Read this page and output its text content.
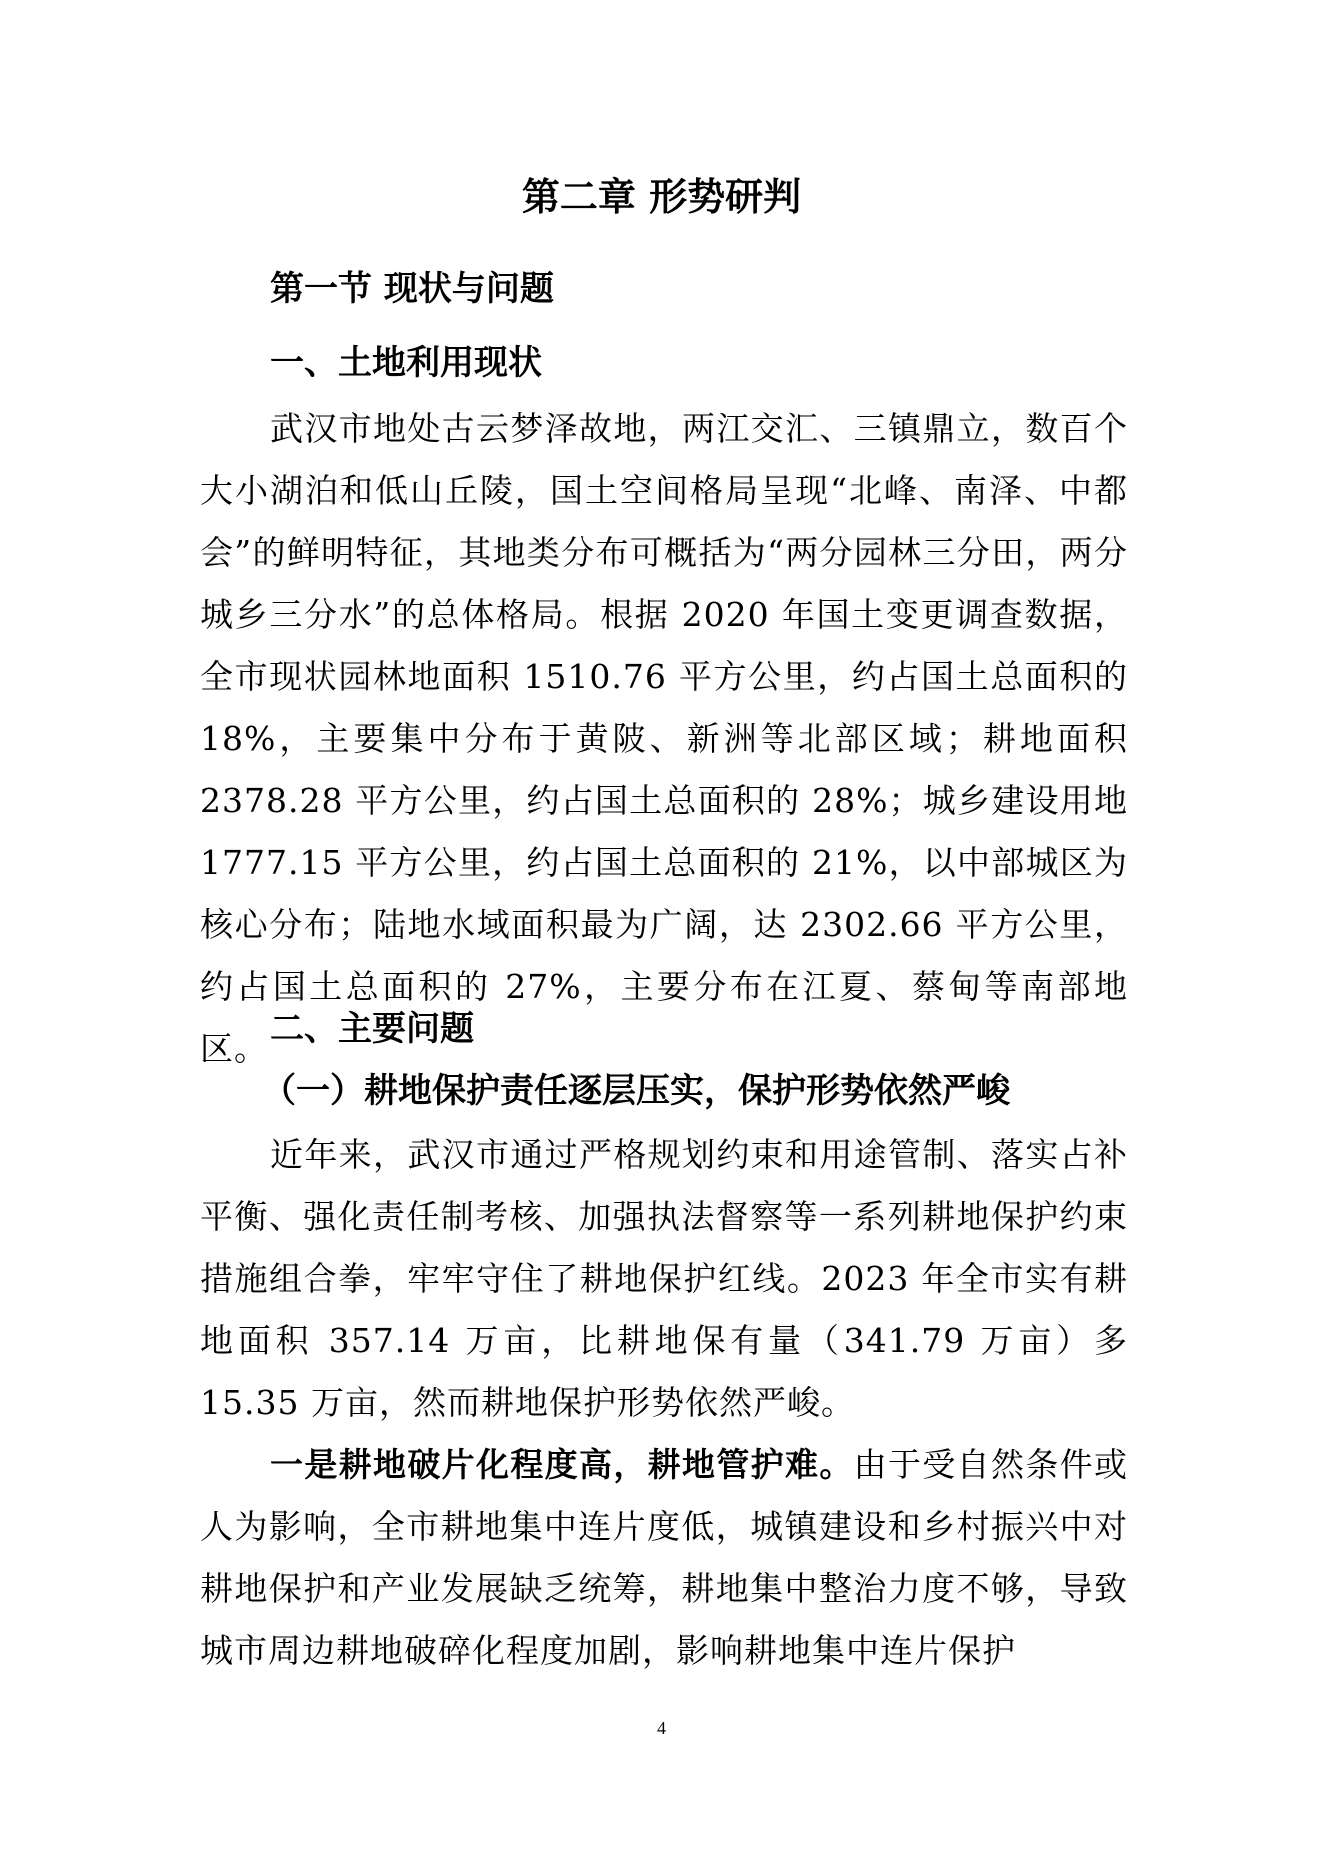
第二章 形势研判
第一节 现状与问题
一、土地利用现状

武汉市地处古云梦泽故地，两江交汇、三镇鼎立，数百个大小湖泊和低山丘陵，国土空间格局呈现“北峰、南泽、中都会”的鲜明特征，其地类分布可概括为“两分园林三分田，两分城乡三分水”的总体格局。根据 2020 年国土变更调查数据，全市现状园林地面积 1510.76 平方公里，约占国土总面积的 18%，主要集中分布于黄陂、新洲等北部区域；耕地面积 2378.28 平方公里，约占国土总面积的 28%；城乡建设用地 1777.15 平方公里，约占国土总面积的 21%，以中部城区为核心分布；陆地水域面积最为广阔，达 2302.66 平方公里，约占国土总面积的 27%，主要分布在江夏、蔡甸等南部地区。 二、主要问题
（一）耕地保护责任逐层压实，保护形势依然严峻

近年来，武汉市通过严格规划约束和用途管制、落实占补平衡、强化责任制考核、加强执法督察等一系列耕地保护约束措施组合拳，牢牢守住了耕地保护红线。2023 年全市实有耕地面积 357.14 万亩，比耕地保有量（341.79 万亩）多 15.35 万亩，然而耕地保护形势依然严峻。

一是耕地破片化程度高，耕地管护难。由于受自然条件或人为影响，全市耕地集中连片度低，城镇建设和乡村振兴中对耕地保护和产业发展缺乏统筹，耕地集中整治力度不够，导致城市周边耕地破碎化程度加剧，影响耕地集中连片保护

4
